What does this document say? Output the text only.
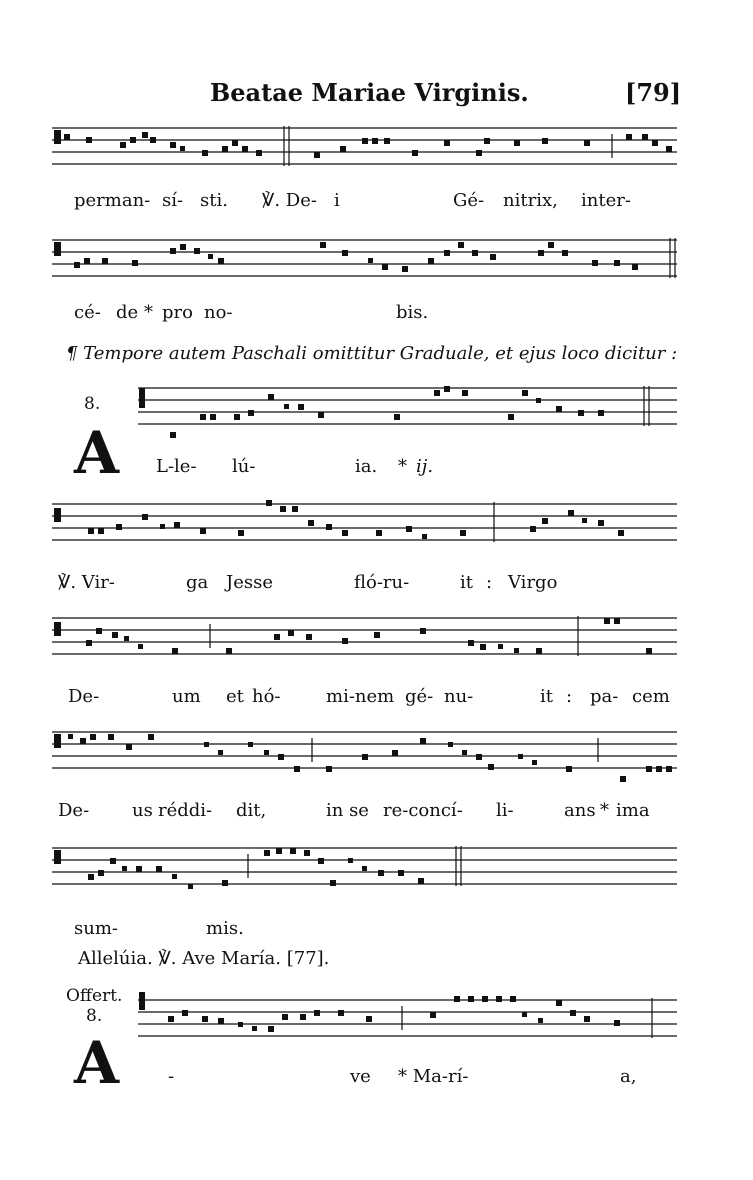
Beatae Mariae Virginis.	[79]
perman- sí- sti. ℣. De- i	Gé- nitrix, inter-
cé- de * pro no-	bis.
¶ Tempore autem Paschali omittitur Graduale, et ejus loco dicitur :
8.
A L-le- lú-	ia. * ij.
℣. Vir-	ga Jesse	fló-ru-	it : Virgo
De-	um et hó-	mi-nem gé- nu-	it : pa- cem
De- us réddi- dit,	in se re-concí- li-	ans * ima
sum-	mis.
Allelúia. ℣. Ave María. [77].
Offert.
8.
A	-	ve * Ma-rí-	a,
